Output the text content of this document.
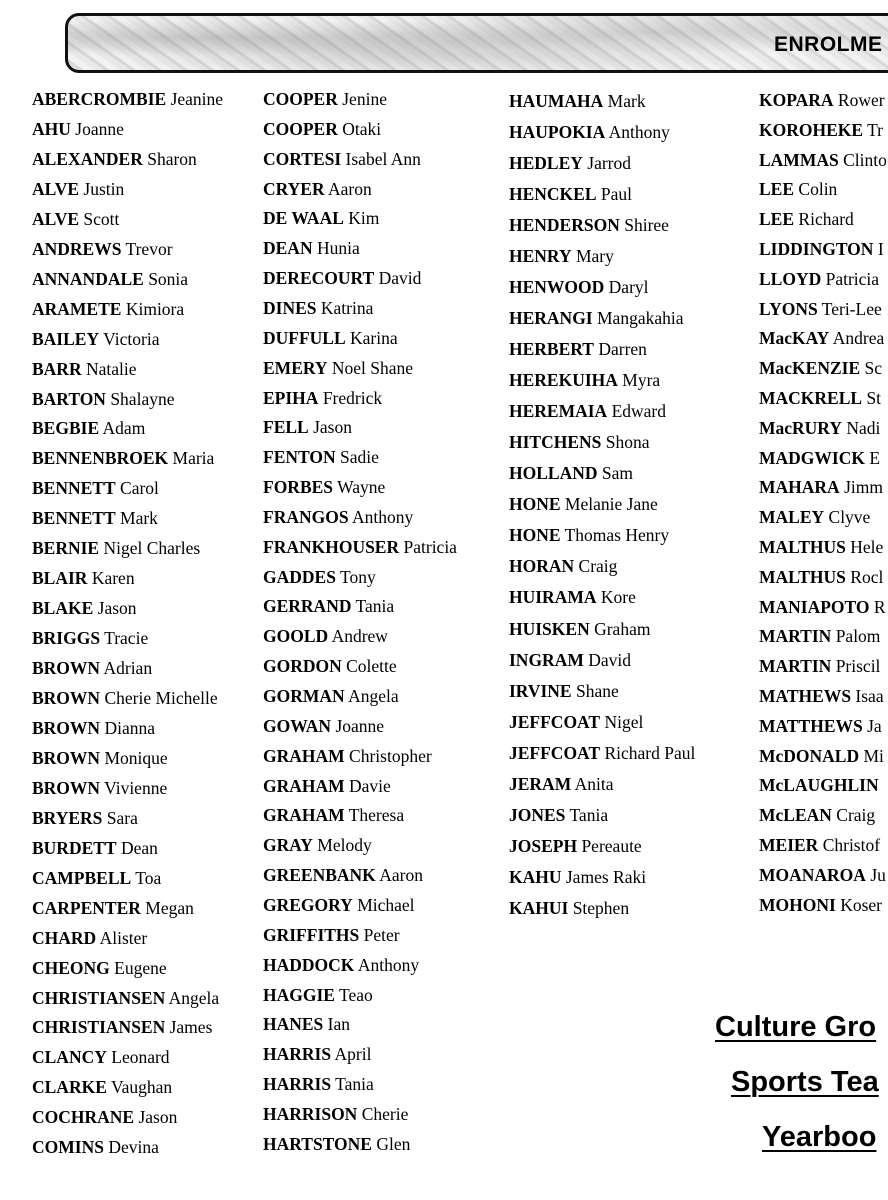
ENROLME
ABERCROMBIE Jeanine
AHU Joanne
ALEXANDER Sharon
ALVE Justin
ALVE Scott
ANDREWS Trevor
ANNANDALE Sonia
ARAMETE Kimiora
BAILEY Victoria
BARR Natalie
BARTON Shalayne
BEGBIE Adam
BENNENBROEK Maria
BENNETT Carol
BENNETT Mark
BERNIE Nigel Charles
BLAIR Karen
BLAKE Jason
BRIGGS Tracie
BROWN Adrian
BROWN Cherie Michelle
BROWN Dianna
BROWN Monique
BROWN Vivienne
BRYERS Sara
BURDETT Dean
CAMPBELL Toa
CARPENTER Megan
CHARD Alister
CHEONG Eugene
CHRISTIANSEN Angela
CHRISTIANSEN James
CLANCY Leonard
CLARKE Vaughan
COCHRANE Jason
COMINS Devina
COOPER Jenine
COOPER Otaki
CORTESI Isabel Ann
CRYER Aaron
DE WAAL Kim
DEAN Hunia
DERECOURT David
DINES Katrina
DUFFULL Karina
EMERY Noel Shane
EPIHA Fredrick
FELL Jason
FENTON Sadie
FORBES Wayne
FRANGOS Anthony
FRANKHOUSER Patricia
GADDES Tony
GERRAND Tania
GOOLD Andrew
GORDON Colette
GORMAN Angela
GOWAN Joanne
GRAHAM Christopher
GRAHAM Davie
GRAHAM Theresa
GRAY Melody
GREENBANK Aaron
GREGORY Michael
GRIFFITHS Peter
HADDOCK Anthony
HAGGIE Teao
HANES Ian
HARRIS April
HARRIS Tania
HARRISON Cherie
HARTSTONE Glen
HAUMAHA Mark
HAUPOKIA Anthony
HEDLEY Jarrod
HENCKEL Paul
HENDERSON Shiree
HENRY Mary
HENWOOD Daryl
HERANGI Mangakahia
HERBERT Darren
HEREKUIHA Myra
HEREMAIA Edward
HITCHENS Shona
HOLLAND Sam
HONE Melanie Jane
HONE Thomas Henry
HORAN Craig
HUIRAMA Kore
HUISKEN Graham
INGRAM David
IRVINE Shane
JEFFCOAT Nigel
JEFFCOAT Richard Paul
JERAM Anita
JONES Tania
JOSEPH Pereaute
KAHU James Raki
KAHUI Stephen
KOPARA Rower
KOROHEKE Tr
LAMMAS Clinto
LEE Colin
LEE Richard
LIDDINGTON I
LLOYD Patricia
LYONS Teri-Lee
MacKAY Andrea
MacKENZIE Sc
MACKRELL St
MacRURY Nadi
MADGWICK E
MAHARA Jimm
MALEY Clyve
MALTHUS Hele
MALTHUS Rocl
MANIAPOTO R
MARTIN Palom
MARTIN Priscil
MATHEWS Isaa
MATTHEWS Ja
McDONALD Mi
McLAUGHLIN
McLEAN Craig
MEIER Christof
MOANAROA Ju
MOHONI Koser
Culture Gro
Sports Tea
Yearboo
